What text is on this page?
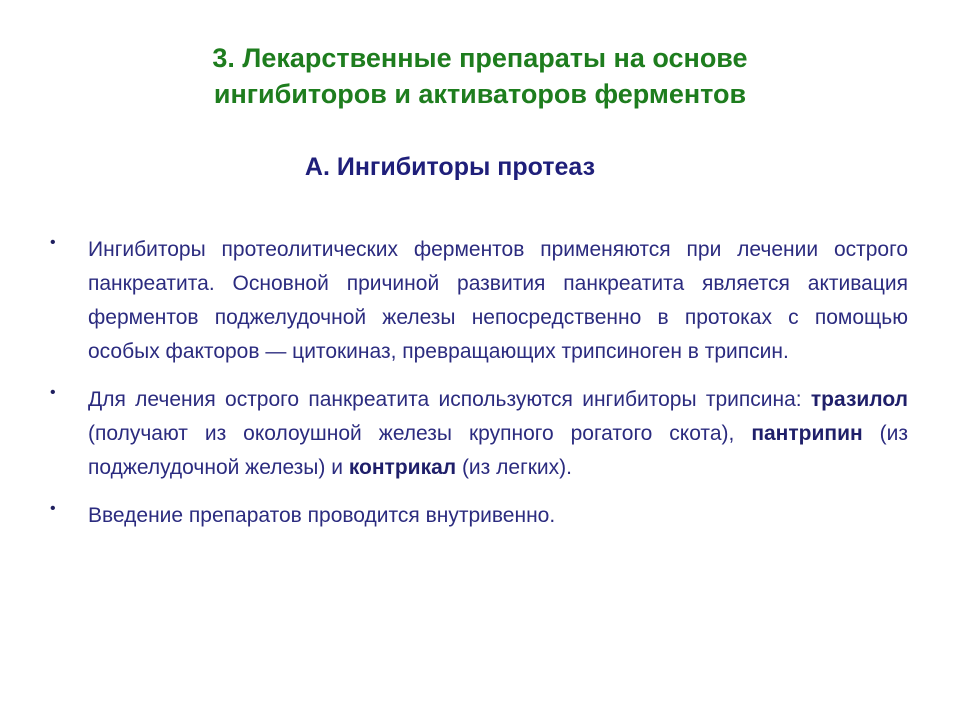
3. Лекарственные препараты на основе
ингибиторов и активаторов ферментов
А. Ингибиторы протеаз
•	Ингибиторы протеолитических ферментов применяются при лечении острого панкреатита. Основной причиной развития панкреатита является активация ферментов поджелудочной железы непосредственно в протоках с помощью особых факторов — цитокиназ, превращающих трипсиноген в трипсин.
•	Для лечения острого панкреатита используются ингибиторы трипсина: тразилол (получают из околоушной железы крупного рогатого скота), пантрипин (из поджелудочной железы) и контрикал (из легких).
•	Введение препаратов проводится внутривенно.
